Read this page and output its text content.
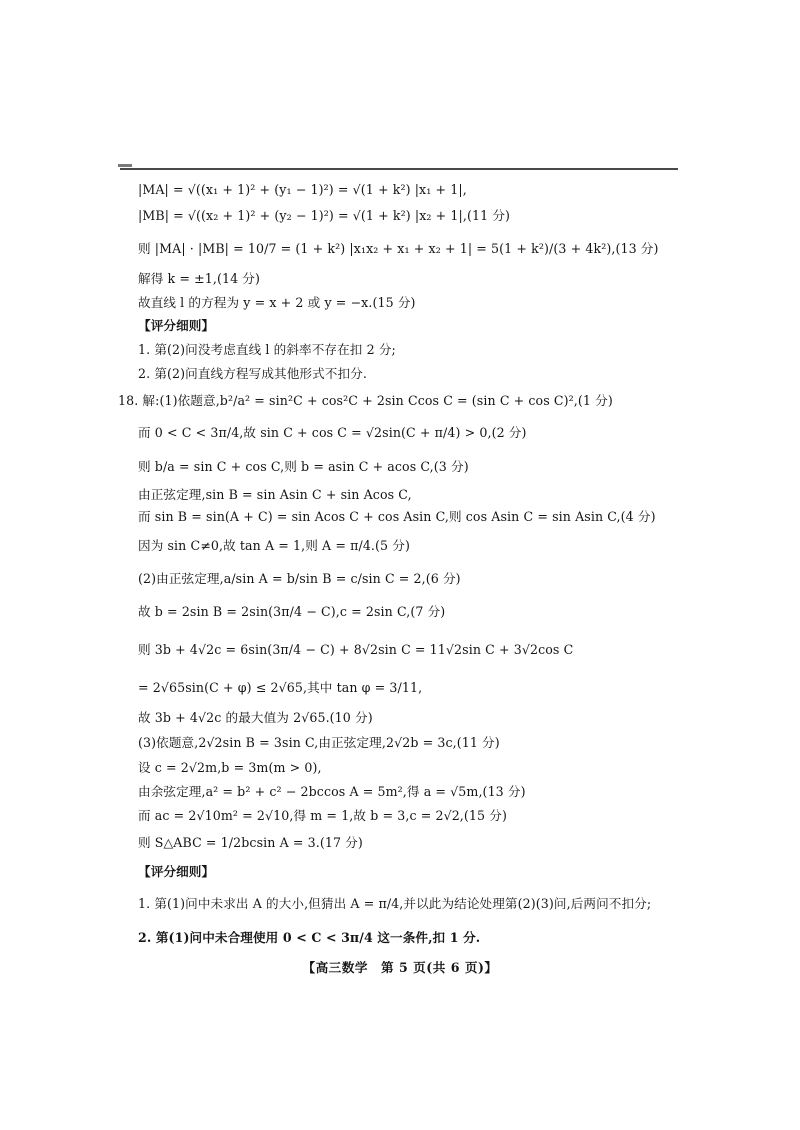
|MA| = √((x₁ + 1)² + (y₁ − 1)²) = √(1 + k²) |x₁ + 1|,
|MB| = √((x₂ + 1)² + (y₂ − 1)²) = √(1 + k²) |x₂ + 1|,(11 分)
则 |MA| · |MB| = 10/7 = (1 + k²) |x₁x₂ + x₁ + x₂ + 1| = 5(1 + k²)/(3 + 4k²),(13 分)
解得 k = ±1,(14 分)
故直线 l 的方程为 y = x + 2 或 y = −x.(15 分)
【评分细则】
1. 第(2)问没考虑直线 l 的斜率不存在扣 2 分;
2. 第(2)问直线方程写成其他形式不扣分.
18. 解:(1)依题意,b²/a² = sin²C + cos²C + 2sin Ccos C = (sin C + cos C)²,(1 分)
而 0 < C < 3π/4,故 sin C + cos C = √2sin(C + π/4) > 0,(2 分)
则 b/a = sin C + cos C,则 b = asin C + acos C,(3 分)
由正弦定理,sin B = sin Asin C + sin Acos C,
而 sin B = sin(A + C) = sin Acos C + cos Asin C,则 cos Asin C = sin Asin C,(4 分)
因为 sin C≠0,故 tan A = 1,则 A = π/4.(5 分)
(2)由正弦定理,a/sin A = b/sin B = c/sin C = 2,(6 分)
故 b = 2sin B = 2sin(3π/4 − C),c = 2sin C,(7 分)
则 3b + 4√2c = 6sin(3π/4 − C) + 8√2sin C = 11√2sin C + 3√2cos C
= 2√65sin(C + φ) ≤ 2√65,其中 tan φ = 3/11,
故 3b + 4√2c 的最大值为 2√65.(10 分)
(3)依题意,2√2sin B = 3sin C,由正弦定理,2√2b = 3c,(11 分)
设 c = 2√2m,b = 3m(m > 0),
由余弦定理,a² = b² + c² − 2bccos A = 5m²,得 a = √5m,(13 分)
而 ac = 2√10m² = 2√10,得 m = 1,故 b = 3,c = 2√2,(15 分)
则 S△ABC = 1/2bcsin A = 3.(17 分)
【评分细则】
1. 第(1)问中未求出 A 的大小,但猜出 A = π/4,并以此为结论处理第(2)(3)问,后两问不扣分;
2. 第(1)问中未合理使用 0 < C < 3π/4 这一条件,扣 1 分.
【高三数学　第 5 页(共 6 页)】
